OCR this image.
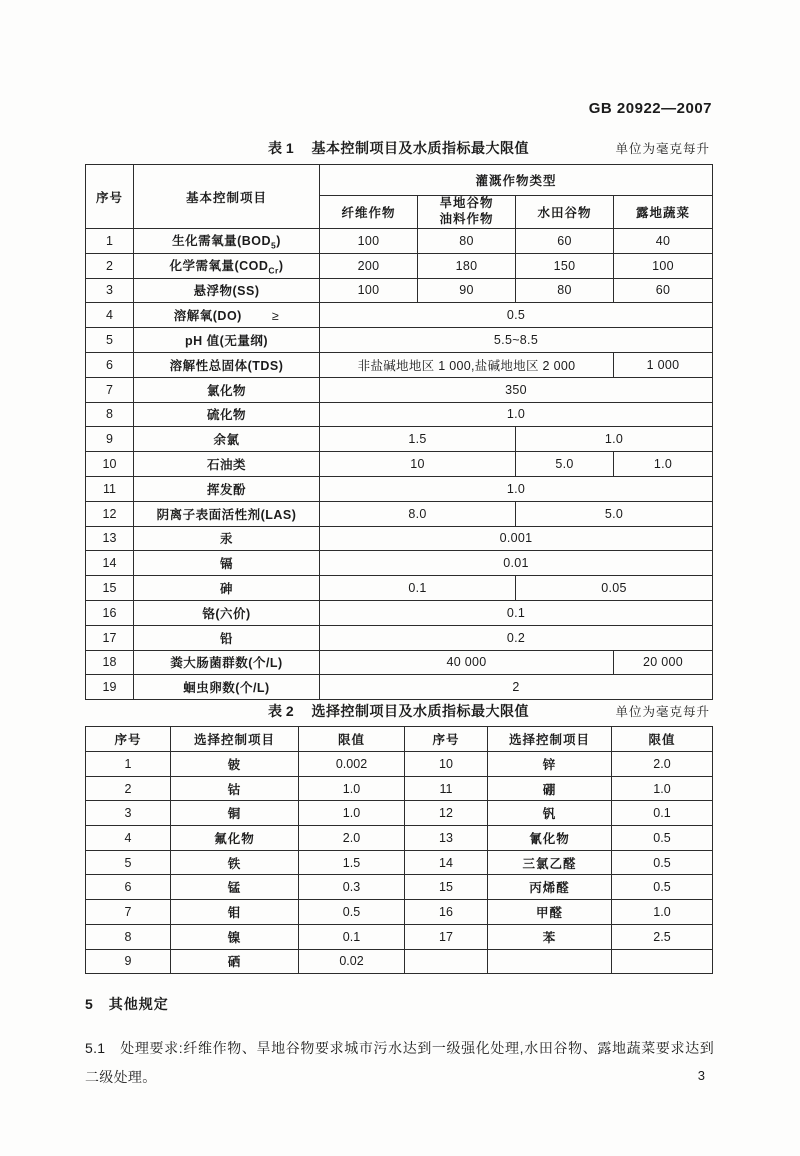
GB 20922—2007
表 1 基本控制项目及水质指标最大限值	单位为毫克每升
序号	基本控制项目	灌溉作物类型			
		纤维作物	旱地谷物
油料作物	水田谷物	露地蔬菜
1	生化需氧量$(BOD_5)$	100	80	60	40
2	化学需氧量$(COD_{Cr})$	200	180	150	100
3	悬浮物(SS)	100	90	80	60
4	溶解氧(DO) ≥	0.5			
5	pH 值(无量纲)	5.5~8.5			
6	溶解性总固体(TDS)	非盐碱地地区 1 000,盐碱地地区 2 000			1 000
7	氯化物	350			
8	硫化物	1.0			
9	余氯	1.5		1.0	
10	石油类	10		5.0	1.0
11	挥发酚	1.0			
12	阴离子表面活性剂(LAS)	8.0		5.0	
13	汞	0.001			
14	镉	0.01			
15	砷	0.1		0.05	
16	铬(六价)	0.1			
17	铅	0.2			
18	粪大肠菌群数(个/L)	40 000			20 000
19	蛔虫卵数(个/L)	2			
表 2 选择控制项目及水质指标最大限值	单位为毫克每升
序号	选择控制项目	限值	序号	选择控制项目	限值
1	铍	0.002	10	锌	2.0
2	钴	1.0	11	硼	1.0
3	铜	1.0	12	钒	0.1
4	氟化物	2.0	13	氰化物	0.5
5	铁	1.5	14	三氯乙醛	0.5
6	锰	0.3	15	丙烯醛	0.5
7	钼	0.5	16	甲醛	1.0
8	镍	0.1	17	苯	2.5
9	硒	0.02			
5　其他规定
5.1　处理要求:纤维作物、旱地谷物要求城市污水达到一级强化处理,水田谷物、露地蔬菜要求达到二级处理。	3
